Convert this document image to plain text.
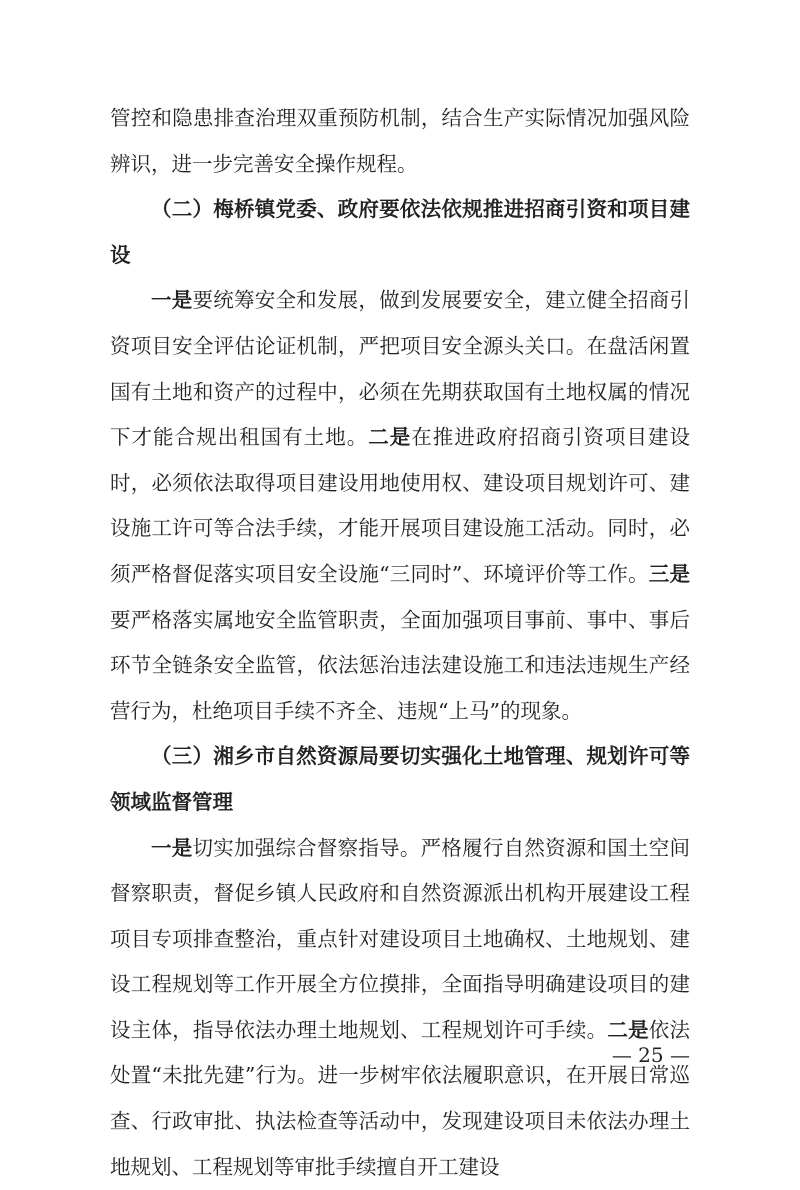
管控和隐患排查治理双重预防机制，结合生产实际情况加强风险辨识，进一步完善安全操作规程。

（二）梅桥镇党委、政府要依法依规推进招商引资和项目建设

一是要统筹安全和发展，做到发展要安全，建立健全招商引资项目安全评估论证机制，严把项目安全源头关口。在盘活闲置国有土地和资产的过程中，必须在先期获取国有土地权属的情况下才能合规出租国有土地。二是在推进政府招商引资项目建设时，必须依法取得项目建设用地使用权、建设项目规划许可、建设施工许可等合法手续，才能开展项目建设施工活动。同时，必须严格督促落实项目安全设施“三同时”、环境评价等工作。三是要严格落实属地安全监管职责，全面加强项目事前、事中、事后环节全链条安全监管，依法惩治违法建设施工和违法违规生产经营行为，杜绝项目手续不齐全、违规“上马”的现象。

（三）湘乡市自然资源局要切实强化土地管理、规划许可等领域监督管理

一是切实加强综合督察指导。严格履行自然资源和国土空间督察职责，督促乡镇人民政府和自然资源派出机构开展建设工程项目专项排查整治，重点针对建设项目土地确权、土地规划、建设工程规划等工作开展全方位摸排，全面指导明确建设项目的建设主体，指导依法办理土地规划、工程规划许可手续。二是依法处置“未批先建”行为。进一步树牢依法履职意识，在开展日常巡查、行政审批、执法检查等活动中，发现建设项目未依法办理土地规划、工程规划等审批手续擅自开工建设

— 25 —
